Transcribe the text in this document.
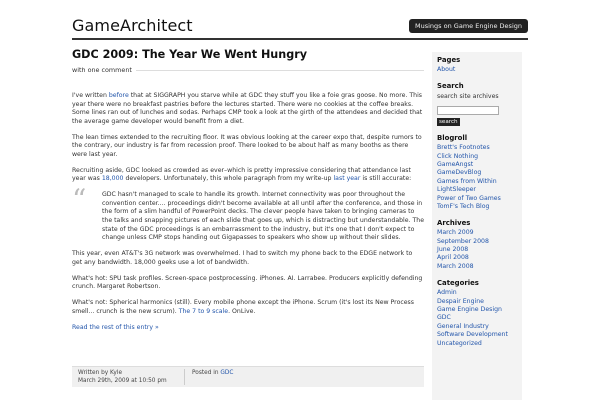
GameArchitect	Musings on Game Engine Design
GDC 2009: The Year We Went Hungry
with one comment

I've written before that at SIGGRAPH you starve while at GDC they stuff you like a foie gras goose. No more. This year there were no breakfast pastries before the lectures started. There were no cookies at the coffee breaks. Some lines ran out of lunches and sodas. Perhaps CMP took a look at the girth of the attendees and decided that the average game developer would benefit from a diet.

The lean times extended to the recruiting floor. It was obvious looking at the career expo that, despite rumors to the contrary, our industry is far from recession proof. There looked to be about half as many booths as there were last year.

Recruiting aside, GDC looked as crowded as ever–which is pretty impressive considering that attendance last year was 18,000 developers. Unfortunately, this whole paragraph from my write-up last year is still accurate:

“	GDC hasn't managed to scale to handle its growth. Internet connectivity was poor throughout the convention center.... proceedings didn't become available at all until after the conference, and those in the form of a slim handful of PowerPoint decks. The clever people have taken to bringing cameras to the talks and snapping pictures of each slide that goes up, which is distracting but understandable. The state of the GDC proceedings is an embarrassment to the industry, but it's one that I don't expect to change unless CMP stops handing out Gigapasses to speakers who show up without their slides.

This year, even AT&T's 3G network was overwhelmed. I had to switch my phone back to the EDGE network to get any bandwidth. 18,000 geeks use a lot of bandwidth.

What's hot: SPU task profiles. Screen-space postprocessing. iPhones. AI. Larrabee. Producers explicitly defending crunch. Margaret Robertson.

What's not: Spherical harmonics (still). Every mobile phone except the iPhone. Scrum (it's lost its New Process smell... crunch is the new scrum). The 7 to 9 scale. OnLive.

Read the rest of this entry »

Written by Kyle
March 29th, 2009 at 10:50 pm
Posted in GDC
Pages
About
Search
search site archives
search
Blogroll
Brett's Footnotes
Click Nothing
GameAngst
GameDevBlog
Games from Within
LightSleeper
Power of Two Games
TomF's Tech Blog
Archives
March 2009
September 2008
June 2008
April 2008
March 2008
Categories
Admin
Despair Engine
Game Engine Design
GDC
General Industry
Software Development
Uncategorized
